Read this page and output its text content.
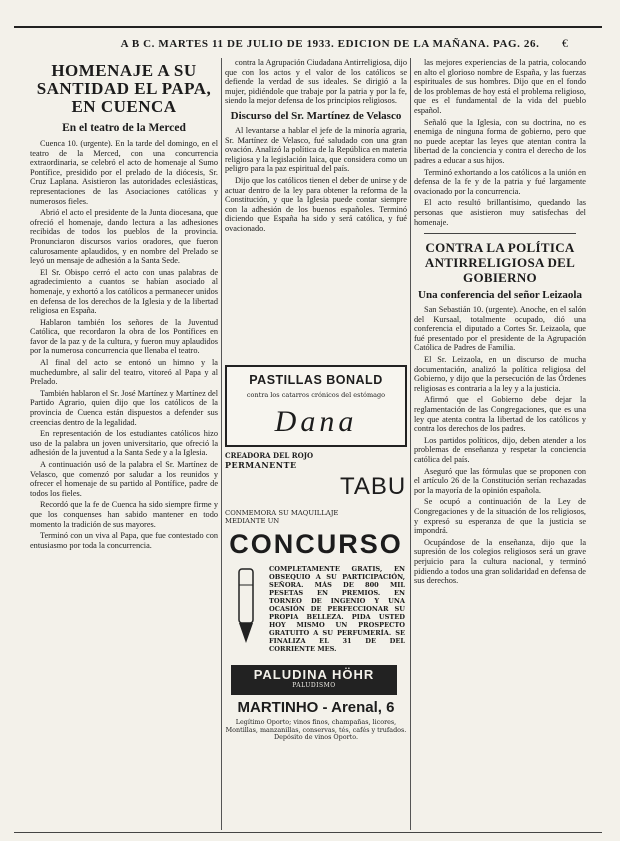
A B C. MARTES 11 DE JULIO DE 1933. EDICION DE LA MAÑANA. PAG. 26.	€
HOMENAJE A SU SANTIDAD EL PAPA, EN CUENCA
En el teatro de la Merced

Cuenca 10. (urgente). En la tarde del domingo, en el teatro de la Merced, con una concurrencia extraordinaria, se celebró el acto de homenaje al Sumo Pontífice, presidido por el prelado de la diócesis, Sr. Cruz Laplana. Asistieron las autoridades eclesiásticas, representaciones de las Asociaciones católicas y numerosos fieles.

Abrió el acto el presidente de la Junta diocesana, que ofreció el homenaje, dando lectura a las adhesiones recibidas de todos los pueblos de la provincia. Pronunciaron discursos varios oradores, que fueron calurosamente aplaudidos, y en nombre del Prelado se leyó un mensaje de adhesión a la Santa Sede.

El Sr. Obispo cerró el acto con unas palabras de agradecimiento a cuantos se habían asociado al homenaje, y exhortó a los católicos a permanecer unidos en defensa de los derechos de la Iglesia y de la libertad religiosa en España.

Hablaron también los señores de la Juventud Católica, que recordaron la obra de los Pontífices en favor de la paz y de la cultura, y fueron muy aplaudidos por la numerosa concurrencia que llenaba el teatro.

Al final del acto se entonó un himno y la muchedumbre, al salir del teatro, vitoreó al Papa y al Prelado.

También hablaron el Sr. José Martínez y Martínez del Partido Agrario, quien dijo que los católicos de la provincia de Cuenca están dispuestos a defender sus creencias dentro de la legalidad.

En representación de los estudiantes católicos hizo uso de la palabra un joven universitario, que ofreció la adhesión de la juventud a la Santa Sede y a la Iglesia.

A continuación usó de la palabra el Sr. Martínez de Velasco, que comenzó por saludar a los reunidos y ofrecer el homenaje de su partido al Pontífice, padre de todos los fieles.

Recordó que la fe de Cuenca ha sido siempre firme y que los conquenses han sabido mantener en todo momento la tradición de sus mayores.

Terminó con un viva al Papa, que fue contestado con entusiasmo por toda la concurrencia.

contra la Agrupación Ciudadana Antirreligiosa, dijo que con los actos y el valor de los católicos se defiende la verdad de sus ideales. Se dirigió a la mujer, pidiéndole que trabaje por la patria y por la fe, siendo la mejor defensa de los principios religiosos.

Discurso del Sr. Martínez de Velasco

Al levantarse a hablar el jefe de la minoría agraria, Sr. Martínez de Velasco, fué saludado con una gran ovación. Analizó la política de la República en materia religiosa y la legislación laica, que considera como un peligro para la paz espiritual del país.

Dijo que los católicos tienen el deber de unirse y de actuar dentro de la ley para obtener la reforma de la Constitución, y que la Iglesia puede contar siempre con la adhesión de los buenos españoles. Terminó diciendo que España ha sido y será católica, y fué ovacionado.

PASTILLAS BONALD
contra los catarros crónicos del estómago
Dana
CREADORA DEL ROJO
PERMANENTE
TABU
CONMEMORA SU MAQUILLAJE MEDIANTE UN
CONCURSO
COMPLETAMENTE GRATIS, EN OBSEQUIO A SU PARTICIPACIÓN, SEÑORA. MÁS DE 800 MIL PESETAS EN PREMIOS. EN TORNEO DE INGENIO Y UNA OCASIÓN DE PERFECCIONAR SU PROPIA BELLEZA. PIDA USTED HOY MISMO UN PROSPECTO GRATUITO A SU PERFUMERÍA. SE FINALIZA EL 31 DE DEL CORRIENTE MES.
PALUDINA HÖHR
PALUDISMO
MARTINHO - Arenal, 6
Legítimo Oporto; vinos finos, champañas, licores, Montillas, manzanillas, conservas, tés, cafés y trufados. Depósito de vinos Oporto.

las mejores experiencias de la patria, colocando en alto el glorioso nombre de España, y las fuerzas espirituales de sus hombres. Dijo que en el fondo de los problemas de hoy está el problema religioso, que es el fundamental de la vida del pueblo español.

Señaló que la Iglesia, con su doctrina, no es enemiga de ninguna forma de gobierno, pero que no puede aceptar las leyes que atentan contra la libertad de la conciencia y contra el derecho de los padres a educar a sus hijos.

Terminó exhortando a los católicos a la unión en defensa de la fe y de la patria y fué largamente ovacionado por la concurrencia.

El acto resultó brillantísimo, quedando las personas que asistieron muy satisfechas del homenaje.

CONTRA LA POLÍTICA ANTIRRELIGIOSA DEL GOBIERNO
Una conferencia del señor Leizaola

San Sebastián 10. (urgente). Anoche, en el salón del Kursaal, totalmente ocupado, dió una conferencia el diputado a Cortes Sr. Leizaola, que fué presentado por el presidente de la Agrupación Católica de Padres de Familia.

El Sr. Leizaola, en un discurso de mucha documentación, analizó la política religiosa del Gobierno, y dijo que la persecución de las Órdenes religiosas es contraria a la ley y a la justicia.

Afirmó que el Gobierno debe dejar la reglamentación de las Congregaciones, que es una ley que atenta contra la libertad de los católicos y contra los derechos de los padres.

Los partidos políticos, dijo, deben atender a los problemas de enseñanza y respetar la conciencia católica del país.

Aseguró que las fórmulas que se proponen con el artículo 26 de la Constitución serían rechazadas por la mayoría de la opinión española.

Se ocupó a continuación de la Ley de Congregaciones y de la situación de los religiosos, y expresó su esperanza de que la justicia se impondrá.

Ocupándose de la enseñanza, dijo que la supresión de los colegios religiosos será un grave perjuicio para la cultura nacional, y terminó pidiendo a todos una gran solidaridad en defensa de sus derechos.
